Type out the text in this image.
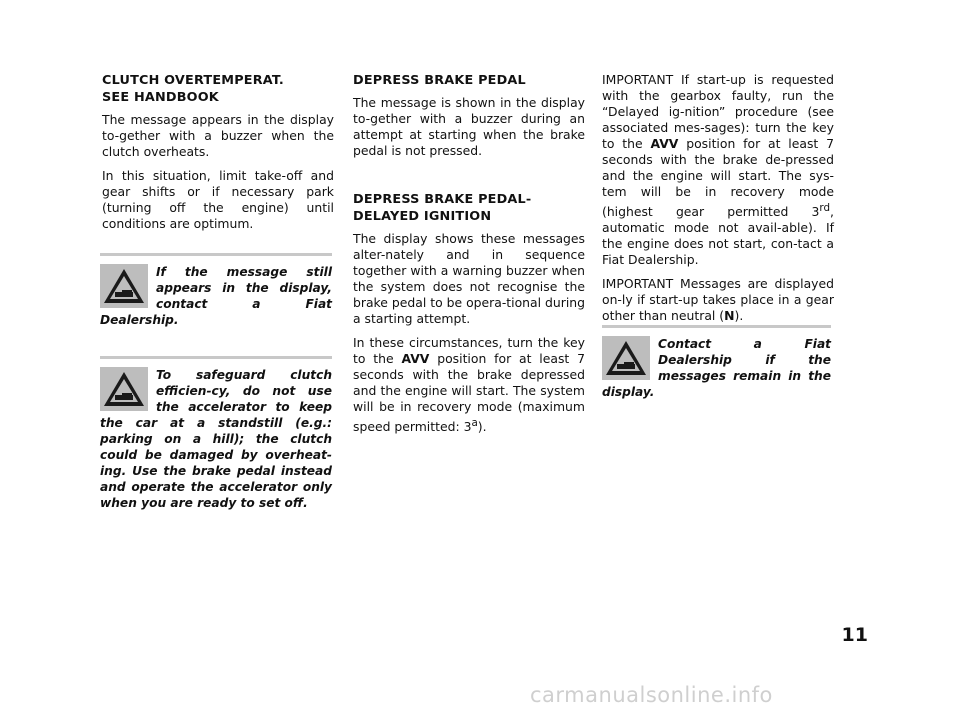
CLUTCH OVERTEMPERAT.
SEE HANDBOOK

The message appears in the display to-gether with a buzzer when the clutch overheats.

In this situation, limit take-off and gear shifts or if necessary park (turning off the engine) until conditions are optimum.

If the message still appears in the display, contact a Fiat Dealership.
To safeguard clutch efficien-cy, do not use the accelerator to keep the car at a standstill (e.g.: parking on a hill); the clutch could be damaged by overheat-ing. Use the brake pedal instead and operate the accelerator only when you are ready to set off.
DEPRESS BRAKE PEDAL

The message is shown in the display to-gether with a buzzer during an attempt at starting when the brake pedal is not pressed.

DEPRESS BRAKE PEDAL-
DELAYED IGNITION

The display shows these messages alter-nately and in sequence together with a warning buzzer when the system does not recognise the brake pedal to be opera-tional during a starting attempt.

In these circumstances, turn the key to the AVV position for at least 7 seconds with the brake depressed and the engine will start. The system will be in recovery mode (maximum speed permitted: 3$^a$).

IMPORTANT If start-up is requested with the gearbox faulty, run the “Delayed ig-nition” procedure (see associated mes-sages): turn the key to the AVV position for at least 7 seconds with the brake de-pressed and the engine will start. The sys-tem will be in recovery mode (highest gear permitted 3rd, automatic mode not avail-able). If the engine does not start, con-tact a Fiat Dealership.

IMPORTANT Messages are displayed on-ly if start-up takes place in a gear other than neutral (N).

Contact a Fiat Dealership if the messages remain in the display.
11
carmanualsonline.info
